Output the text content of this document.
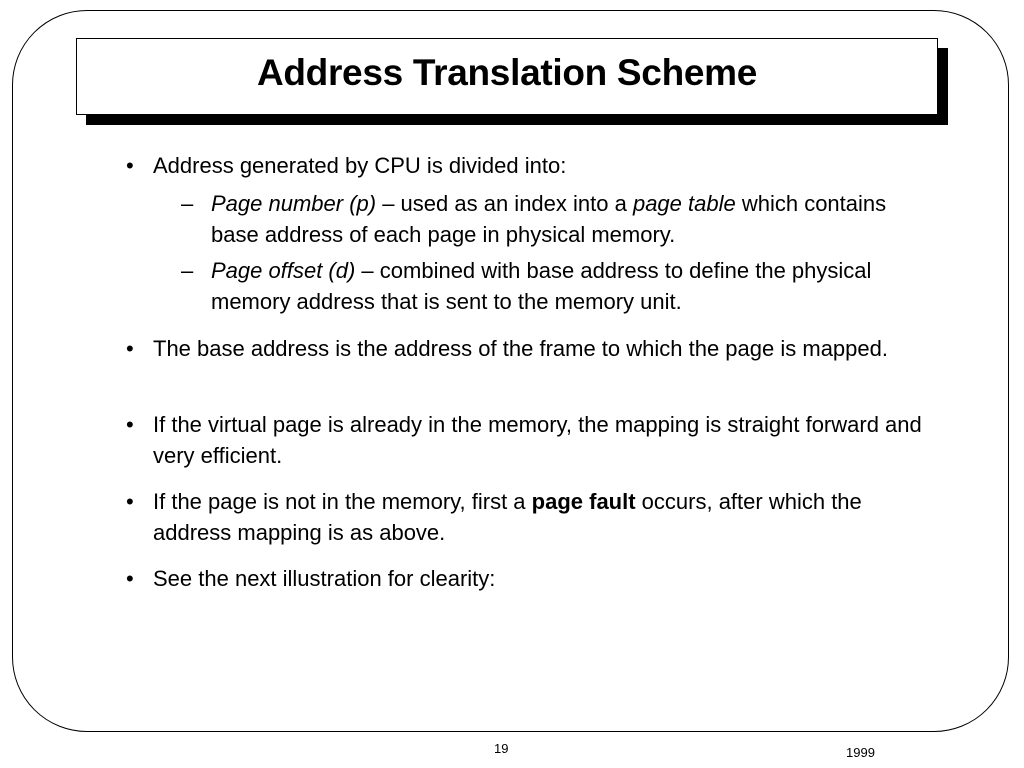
Address Translation Scheme
• Address generated by CPU is divided into:
– Page number (p) – used as an index into a page table which contains base address of each page in physical memory.
– Page offset (d) – combined with base address to define the physical memory address that is sent to the memory unit.
• The base address is the address of the frame to which the page is mapped.
• If the virtual page is already in the memory, the mapping is straight forward and very efficient.
• If the page is not in the memory, first a page fault occurs, after which the address mapping is as above.
• See the next illustration for clearity:
19	1999
